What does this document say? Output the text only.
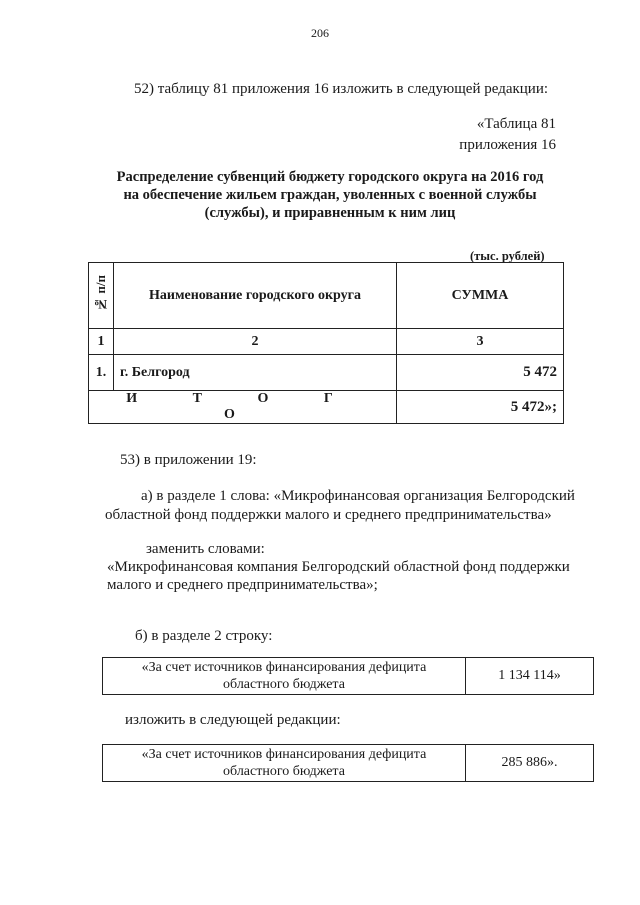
206
52) таблицу 81 приложения 16 изложить в следующей редакции:
«Таблица 81
приложения 16
Распределение субвенций бюджету городского округа на 2016 год
на обеспечение жильем граждан, уволенных с военной службы
(службы), и приравненным к ним лиц
(тыс. рублей)
№ п/п	Наименование городского округа	СУММА
1	2	3
1.	г. Белгород	5 472
И Т О Г О		5 472»;
53) в приложении 19:
а) в разделе 1 слова: «Микрофинансовая организация Белгородский
областной фонд поддержки малого и среднего предпринимательства»
заменить словами:
«Микрофинансовая компания Белгородский областной фонд поддержки
малого и среднего предпринимательства»;
б) в разделе 2 строку:
«За счет источников финансирования дефицита
областного бюджета
	1 134 114»
изложить в следующей редакции:
«За счет источников финансирования дефицита
областного бюджета
	285 886».
